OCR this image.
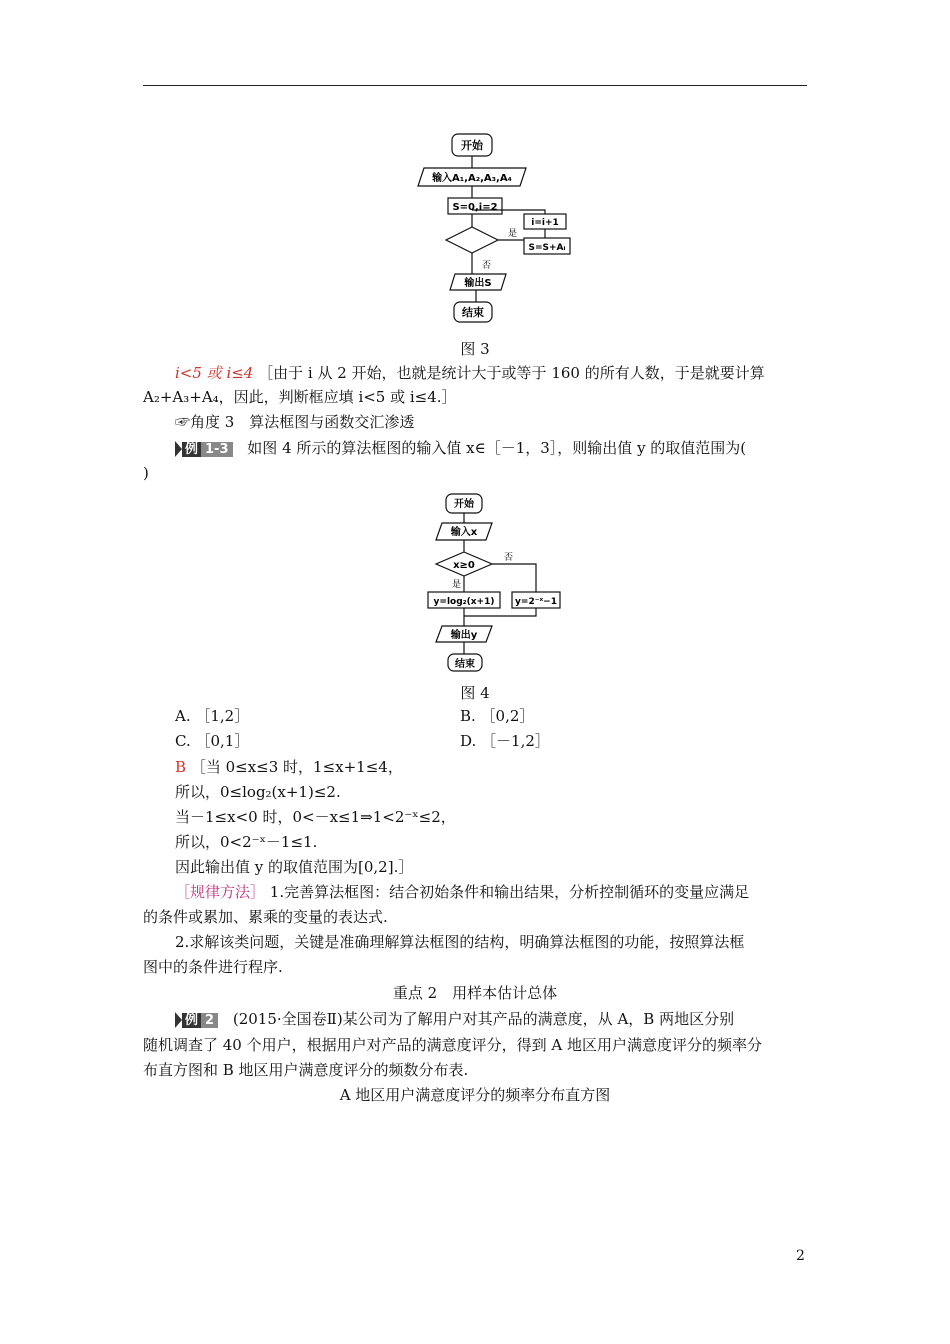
开始
输入A₁,A₂,A₃,A₄
S=0,i=2
i=i+1
S=S+Aᵢ
是
否
输出S
结束
图 3
i<5 或 i≤4 ［由于 i 从 2 开始，也就是统计大于或等于 160 的所有人数，于是就要计算
A₂+A₃+A₄，因此，判断框应填 i<5 或 i≤4.］
☞角度 3　算法框图与函数交汇渗透
例 1-3 如图 4 所示的算法框图的输入值 x∈［－1，3］，则输出值 y 的取值范围为(
)
开始
输入x
x≥0
是
否
y=log₂(x+1) y=2⁻ˣ−1
输出y
结束
图 4
A. ［1,2］	B. ［0,2］
C. ［0,1］	D. ［－1,2］
B ［当 0≤x≤3 时，1≤x+1≤4，
所以，0≤log₂(x+1)≤2.
当－1≤x<0 时，0<－x≤1⇒1<2⁻ˣ≤2，
所以，0<2⁻ˣ－1≤1.
因此输出值 y 的取值范围为[0,2].］
［规律方法］ 1.完善算法框图：结合初始条件和输出结果，分析控制循环的变量应满足
的条件或累加、累乘的变量的表达式.
2.求解该类问题，关键是准确理解算法框图的结构，明确算法框图的功能，按照算法框
图中的条件进行程序.
重点 2　用样本估计总体
例 2 (2015·全国卷Ⅱ)某公司为了解用户对其产品的满意度，从 A，B 两地区分别
随机调查了 40 个用户，根据用户对产品的满意度评分，得到 A 地区用户满意度评分的频率分
布直方图和 B 地区用户满意度评分的频数分布表.
A 地区用户满意度评分的频率分布直方图
2
